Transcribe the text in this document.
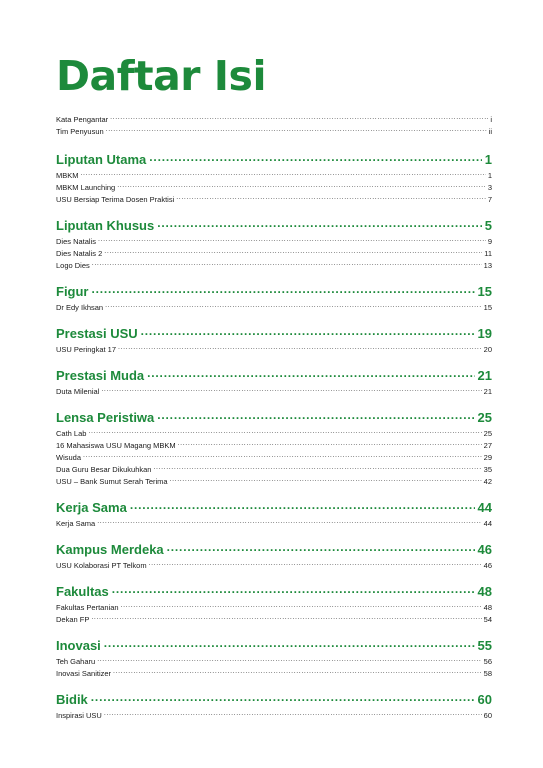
Daftar Isi
Kata Pengantar .....	i
Tim Penyusun .....	ii
Liputan Utama .....	1
MBKM .....	1
MBKM Launching .....	3
USU Bersiap Terima Dosen Praktisi .....	7
Liputan Khusus .....	5
Dies Natalis .....	9
Dies Natalis 2 .....	11
Logo Dies .....	13
Figur .....	15
Dr Edy Ikhsan .....	15
Prestasi USU .....	19
USU Peringkat 17 .....	20
Prestasi Muda .....	21
Duta Milenial .....	21
Lensa Peristiwa .....	25
Cath Lab .....	25
16 Mahasiswa USU Magang MBKM .....	27
Wisuda .....	29
Dua Guru Besar Dikukuhkan .....	35
USU – Bank Sumut Serah Terima .....	42
Kerja Sama .....	44
Kerja Sama .....	44
Kampus Merdeka .....	46
USU Kolaborasi PT Telkom .....	46
Fakultas .....	48
Fakultas Pertanian .....	48
Dekan FP .....	54
Inovasi .....	55
Teh Gaharu .....	56
Inovasi Sanitizer .....	58
Bidik .....	60
Inspirasi USU .....	60
